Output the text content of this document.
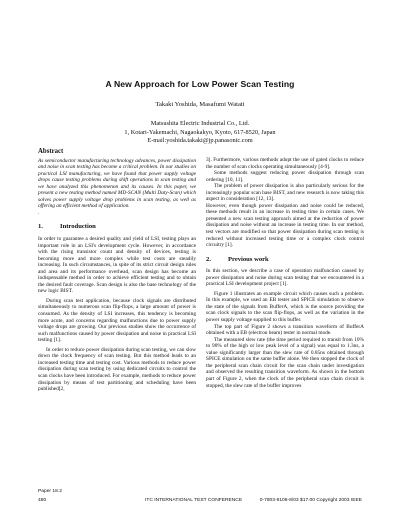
A New Approach for Low Power Scan Testing
Takaki Yoshida, Masafumi Watati
Matsushita Electric Industrial Co., Ltd.
1, Kotari-Yakemachi, Nagaokakyo, Kyoto, 617-8520, Japan
E-mail:yoshida.takaki@jp.panasonic.com
Abstract

As semiconductor manufacturing technology advances, power dissipation and noise in scan testing has become a critical problem. In our studies on practical LSI manufacturing, we have found that power supply voltage drops cause testing problems during shift operations in scan testing and we have analyzed this phenomenon and its causes. In this paper, we present a new testing method named MD-SCAN (Multi Duty-Scan) which solves power supply voltage drop problems in scan testing, as well as offering an efficient method of application.

.

1.	Introduction

In order to guarantee a desired quality and yield of LSI, testing plays an important role in an LSI's development cycle. However, in accordance with the rising transistor count and density of devices, testing is becoming more and more complex while test costs are steadily increasing. In such circumstances, in spite of its strict circuit design rules and area and its performance overhead, scan design has become an indispensable method in order to achieve efficient testing and to obtain the desired fault coverage. Scan design is also the base technology of the new logic BIST.

During scan test application, because clock signals are distributed simultaneously to numerous scan flip-flops, a large amount of power is consumed. As the density of LSI increases, this tendency is becoming more acute, and concerns regarding malfunctions due to power supply voltage drops are growing. Our previous studies show the occurrence of such malfunctions caused by power dissipation and noise in practical LSI testing [1].

In order to reduce power dissipation during scan testing, we can slow down the clock frequency of scan testing. But this method leads to an increased testing time and testing cost. Various methods to reduce power dissipation during scan testing by using dedicated circuits to control the scan clocks have been introduced. For example, methods to reduce power dissipation by means of test partitioning and scheduling have been published[2,

3]. Furthermore, various methods adopt the use of gated clocks to reduce the number of scan clocks operating simultaneously [4-9].

Some methods suggest reducing power dissipation through scan ordering [10, 11].

The problem of power dissipation is also particularly serious for the increasingly popular scan base BIST, and new research is now taking this aspect in consideration [12, 13].

However, even though power dissipation and noise could be reduced, these methods result in an increase in testing time in certain cases. We presented a new scan testing approach aimed at the reduction of power dissipation and noise without an increase in testing time. In our method, test vectors are modified so that power dissipation during scan testing is reduced without increased testing time or a complex clock control circuitry [1].

2.	Previous work

In this section, we describe a case of operation malfunction caused by power dissipation and noise during scan testing that we encountered in a practical LSI development project [1].

Figure 1 illustrates an example circuit which causes such a problem. In this example, we used an EB tester and SPICE simulation to observe the state of the signals from BufferA, which is the source providing the scan clock signals to the scan flip-flops, as well as the variation in the power supply voltage supplied to this buffer.

The top part of Figure 2 shows a transition waveform of BufferA obtained with a EB (electron beam) tester in normal mode.

The measured slew rate (the time period required to transit from 10% to 90% of the high or low peak level of a signal) was equal to 1.3ns, a value significantly larger than the slew rate of 0.85ns obtained through SPICE simulation on the same buffer alone. We then stopped the clock of the peripheral scan chain circuit for the scan chain under investigation and observed the resulting transition waveform. As shown in the bottom part of Figure 2, when the clock of the peripheral scan chain circuit is stopped, the slew rate of the buffer improves

Paper 18.2
480	ITC INTERNATIONAL TEST CONFERENCE	0-7803-8106-8/03 $17.00 Copyright 2003 IEEE
